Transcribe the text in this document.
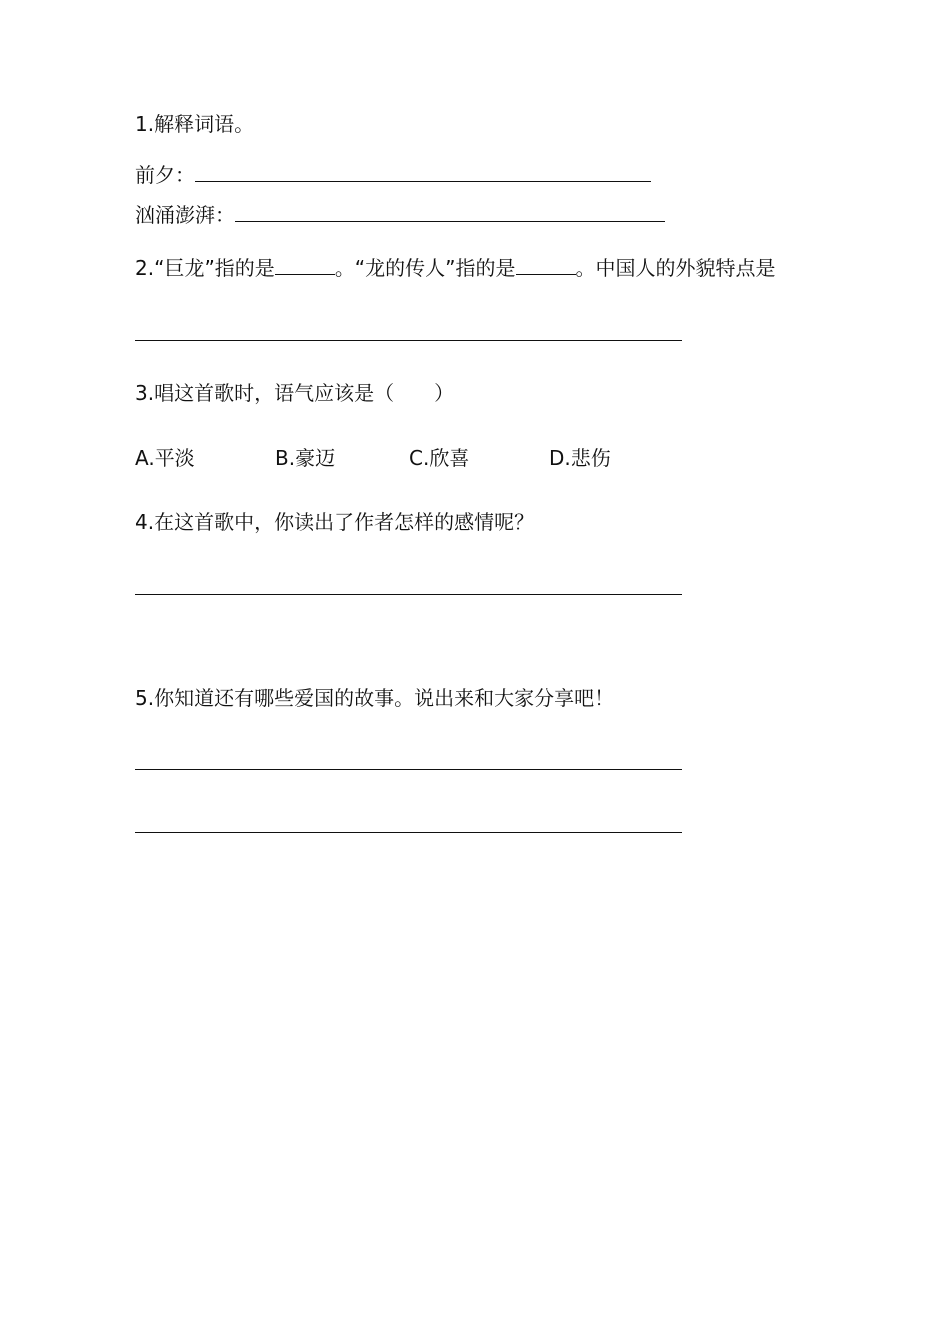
1.解释词语。
前夕：
汹涌澎湃：
2.“巨龙”指的是	。“龙的传人”指的是	。中国人的外貌特点是
3.唱这首歌时，语气应该是（　　）
A.平淡	B.豪迈	C.欣喜	D.悲伤
4.在这首歌中，你读出了作者怎样的感情呢？
5.你知道还有哪些爱国的故事。说出来和大家分享吧！
